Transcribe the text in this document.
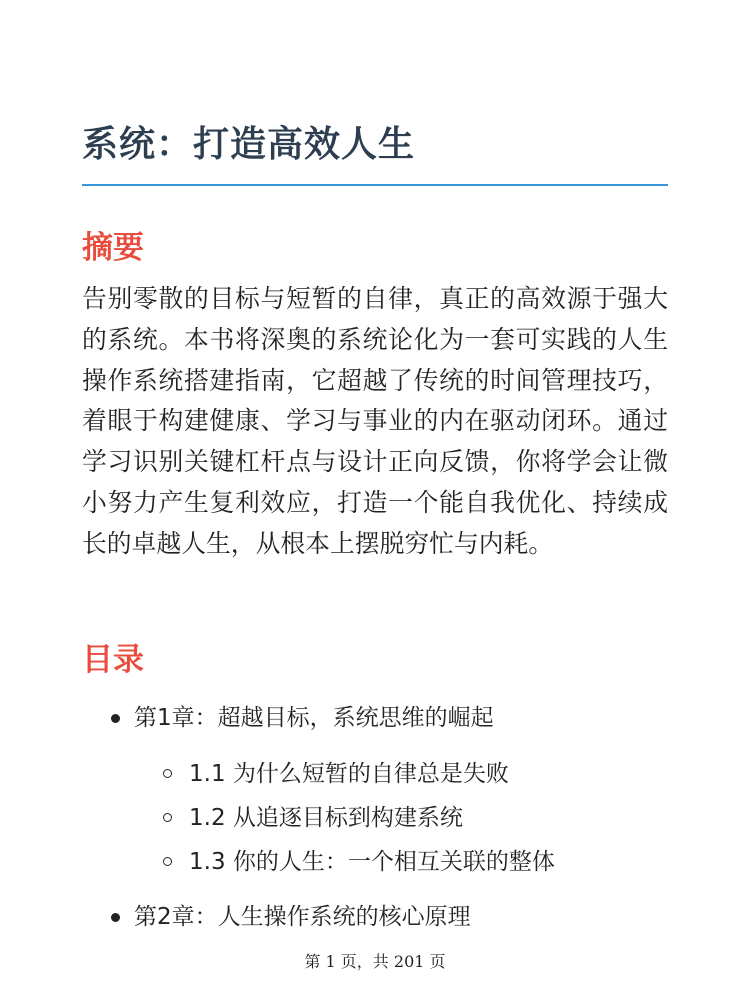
系统：打造高效人生
摘要

告别零散的目标与短暂的自律，真正的高效源于强大的系统。本书将深奥的系统论化为一套可实践的人生操作系统搭建指南，它超越了传统的时间管理技巧，着眼于构建健康、学习与事业的内在驱动闭环。通过学习识别关键杠杆点与设计正向反馈，你将学会让微小努力产生复利效应，打造一个能自我优化、持续成长的卓越人生，从根本上摆脱穷忙与内耗。

目录
第1章：超越目标，系统思维的崛起
1.1 为什么短暂的自律总是失败
1.2 从追逐目标到构建系统
1.3 你的人生：一个相互关联的整体
第2章：人生操作系统的核心原理
第 1 页，共 201 页
